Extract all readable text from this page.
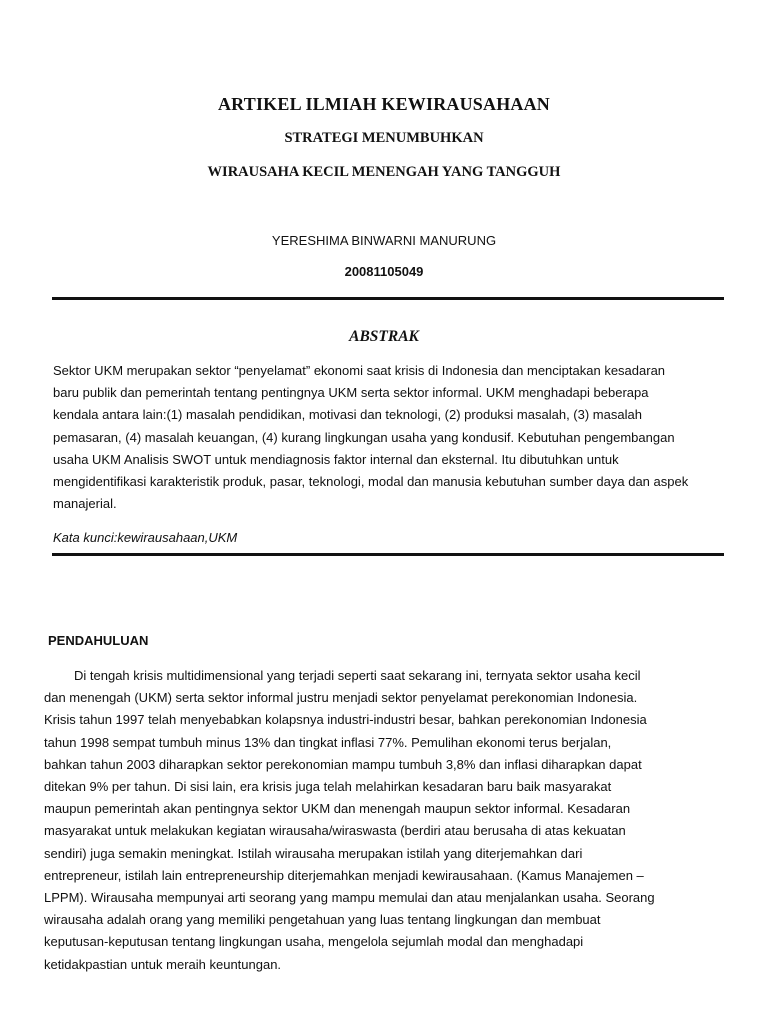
ARTIKEL ILMIAH KEWIRAUSAHAAN
STRATEGI MENUMBUHKAN
WIRAUSAHA KECIL MENENGAH YANG TANGGUH
YERESHIMA BINWARNI MANURUNG
20081105049
ABSTRAK
Sektor UKM merupakan sektor “penyelamat” ekonomi saat krisis di Indonesia dan menciptakan kesadaran
baru publik dan pemerintah tentang pentingnya UKM serta sektor informal. UKM menghadapi beberapa
kendala antara lain:(1) masalah pendidikan, motivasi dan teknologi, (2) produksi masalah, (3) masalah
pemasaran, (4) masalah keuangan, (4) kurang lingkungan usaha yang kondusif. Kebutuhan pengembangan
usaha UKM Analisis SWOT untuk mendiagnosis faktor internal dan eksternal. Itu dibutuhkan untuk
mengidentifikasi karakteristik produk, pasar, teknologi, modal dan manusia kebutuhan sumber daya dan aspek
manajerial.
Kata kunci:kewirausahaan,UKM
PENDAHULUAN
Di tengah krisis multidimensional yang terjadi seperti saat sekarang ini, ternyata sektor usaha kecil
dan menengah (UKM) serta sektor informal justru menjadi sektor penyelamat perekonomian Indonesia.
Krisis tahun 1997 telah menyebabkan kolapsnya industri-industri besar, bahkan perekonomian Indonesia
tahun 1998 sempat tumbuh minus 13% dan tingkat inflasi 77%. Pemulihan ekonomi terus berjalan,
bahkan tahun 2003 diharapkan sektor perekonomian mampu tumbuh 3,8% dan inflasi diharapkan dapat
ditekan 9% per tahun. Di sisi lain, era krisis juga telah melahirkan kesadaran baru baik masyarakat
maupun pemerintah akan pentingnya sektor UKM dan menengah maupun sektor informal. Kesadaran
masyarakat untuk melakukan kegiatan wirausaha/wiraswasta (berdiri atau berusaha di atas kekuatan
sendiri) juga semakin meningkat. Istilah wirausaha merupakan istilah yang diterjemahkan dari
entrepreneur, istilah lain entrepreneurship diterjemahkan menjadi kewirausahaan. (Kamus Manajemen –
LPPM). Wirausaha mempunyai arti seorang yang mampu memulai dan atau menjalankan usaha. Seorang
wirausaha adalah orang yang memiliki pengetahuan yang luas tentang lingkungan dan membuat
keputusan-keputusan tentang lingkungan usaha, mengelola sejumlah modal dan menghadapi
ketidakpastian untuk meraih keuntungan.
